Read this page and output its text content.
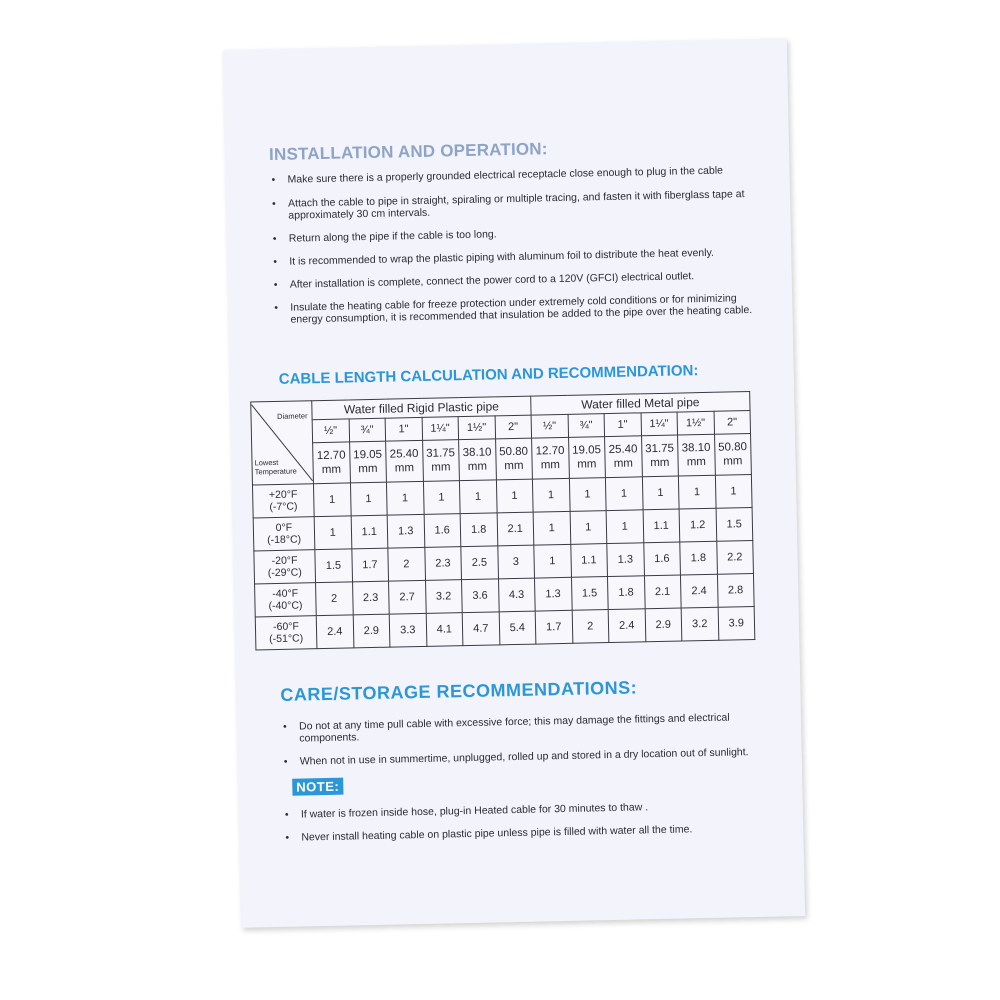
INSTALLATION AND OPERATION:
• Make sure there is a properly grounded electrical receptacle close enough to plug in the cable
• Attach the cable to pipe in straight, spiraling or multiple tracing, and fasten it with fiberglass tape at approximately 30 cm intervals.
• Return along the pipe if the cable is too long.
• It is recommended to wrap the plastic piping with aluminum foil to distribute the heat evenly.
• After installation is complete, connect the power cord to a 120V (GFCI) electrical outlet.
• Insulate the heating cable for freeze protection under extremely cold conditions or for minimizing energy consumption, it is recommended that insulation be added to the pipe over the heating cable.
CABLE LENGTH CALCULATION AND RECOMMENDATION:
Diameter
Lowest Temperature	Water filled Rigid Plastic pipe						Water filled Metal pipe					
	½"	¾"	1"	1¼"	1½"	2"	½"	¾"	1"	1¼"	1½"	2"
	12.70 mm	19.05 mm	25.40 mm	31.75 mm	38.10 mm	50.80 mm	12.70 mm	19.05 mm	25.40 mm	31.75 mm	38.10 mm	50.80 mm

+20°F
(-7°C)	1	1	1	1	1	1	1	1	1	1	1	1

0°F
(-18°C)	1	1.1	1.3	1.6	1.8	2.1	1	1	1	1.1	1.2	1.5

-20°F
(-29°C)	1.5	1.7	2	2.3	2.5	3	1	1.1	1.3	1.6	1.8	2.2

-40°F
(-40°C)	2	2.3	2.7	3.2	3.6	4.3	1.3	1.5	1.8	2.1	2.4	2.8

-60°F
(-51°C)	2.4	2.9	3.3	4.1	4.7	5.4	1.7	2	2.4	2.9	3.2	3.9
CARE/STORAGE RECOMMENDATIONS:
• Do not at any time pull cable with excessive force; this may damage the fittings and electrical components.
• When not in use in summertime, unplugged, rolled up and stored in a dry location out of sunlight.
NOTE:
• If water is frozen inside hose, plug-in Heated cable for 30 minutes to thaw .
• Never install heating cable on plastic pipe unless pipe is filled with water all the time.
